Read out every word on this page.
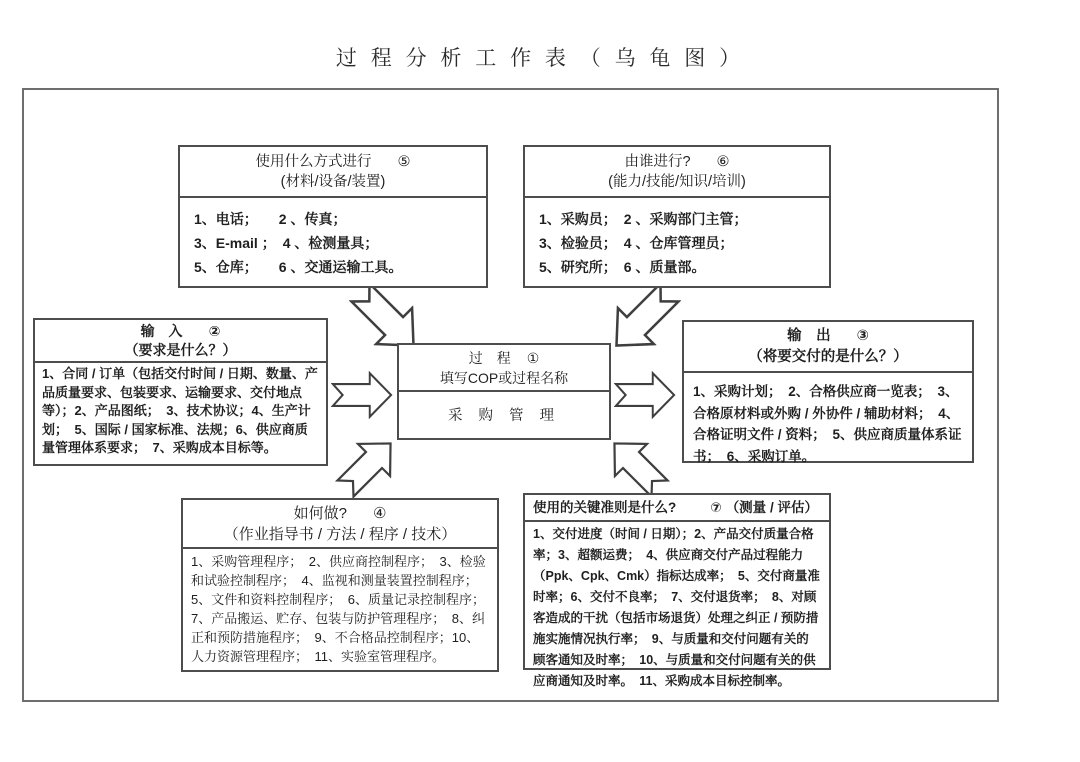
过 程 分 析 工 作 表 （ 乌 龟 图 ）
使用什么方式进行 ⑤
(材料/设备/装置)
1、电话；　　2 、传真；
3、E-mail ；　4 、检测量具；
5、仓库；　　6 、交通运输工具。
由谁进行? ⑥
(能力/技能/知识/培训)
1、采购员；　2 、采购部门主管；
3、检验员；　4 、仓库管理员；
5、研究所；　6 、质量部。
输　入 ②
（要求是什么？）
1、合同 / 订单（包括交付时间 / 日期、数量、产品质量要求、包装要求、运输要求、交付地点等）；2、产品图纸；　3、技术协议；4、生产计划；　5、国际 / 国家标准、法规；6、供应商质量管理体系要求；　7、采购成本目标等。
输　出 ③
（将要交付的是什么？）
1、采购计划；　2、合格供应商一览表；　3、合格原材料或外购 / 外协件 / 辅助材料；　4、合格证明文件 / 资料；　5、供应商质量体系证书；　6、采购订单。
过　程 ①
填写COP或过程名称
采 购 管 理
如何做? ④
（作业指导书 / 方法 / 程序 / 技术）
1、采购管理程序；　2、供应商控制程序；　3、检验和试验控制程序；　4、监视和测量装置控制程序；5、文件和资料控制程序；　6、质量记录控制程序；7、产品搬运、贮存、包装与防护管理程序；　8、纠正和预防措施程序；　9、不合格品控制程序；10、人力资源管理程序；　11、实验室管理程序。
使用的关键准则是什么?	⑦ （测量 / 评估）
1、交付进度（时间 / 日期）；2、产品交付质量合格率；3、超额运费；　4、供应商交付产品过程能力（Ppk、Cpk、Cmk）指标达成率；　5、交付商量准时率；6、交付不良率；　7、交付退货率；　8、对顾客造成的干扰（包括市场退货）处理之纠正 / 预防措施实施情况执行率；　9、与质量和交付问题有关的顾客通知及时率；　10、与质量和交付问题有关的供应商通知及时率。　11、采购成本目标控制率。
